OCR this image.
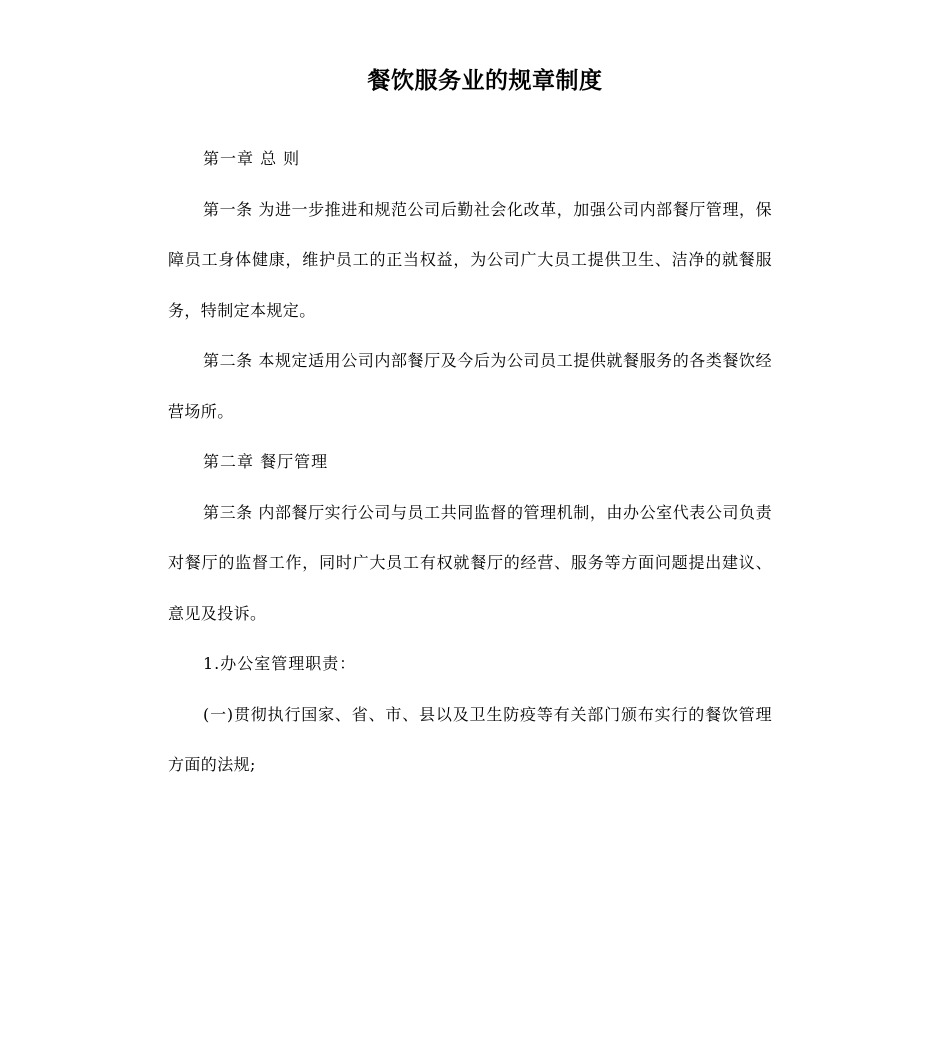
餐饮服务业的规章制度

第一章 总 则

第一条 为进一步推进和规范公司后勤社会化改革，加强公司内部餐厅管理，保障员工身体健康，维护员工的正当权益，为公司广大员工提供卫生、洁净的就餐服务，特制定本规定。

第二条 本规定适用公司内部餐厅及今后为公司员工提供就餐服务的各类餐饮经营场所。

第二章 餐厅管理

第三条 内部餐厅实行公司与员工共同监督的管理机制，由办公室代表公司负责对餐厅的监督工作，同时广大员工有权就餐厅的经营、服务等方面问题提出建议、意见及投诉。

1.办公室管理职责：

(一)贯彻执行国家、省、市、县以及卫生防疫等有关部门颁布实行的餐饮管理方面的法规;
